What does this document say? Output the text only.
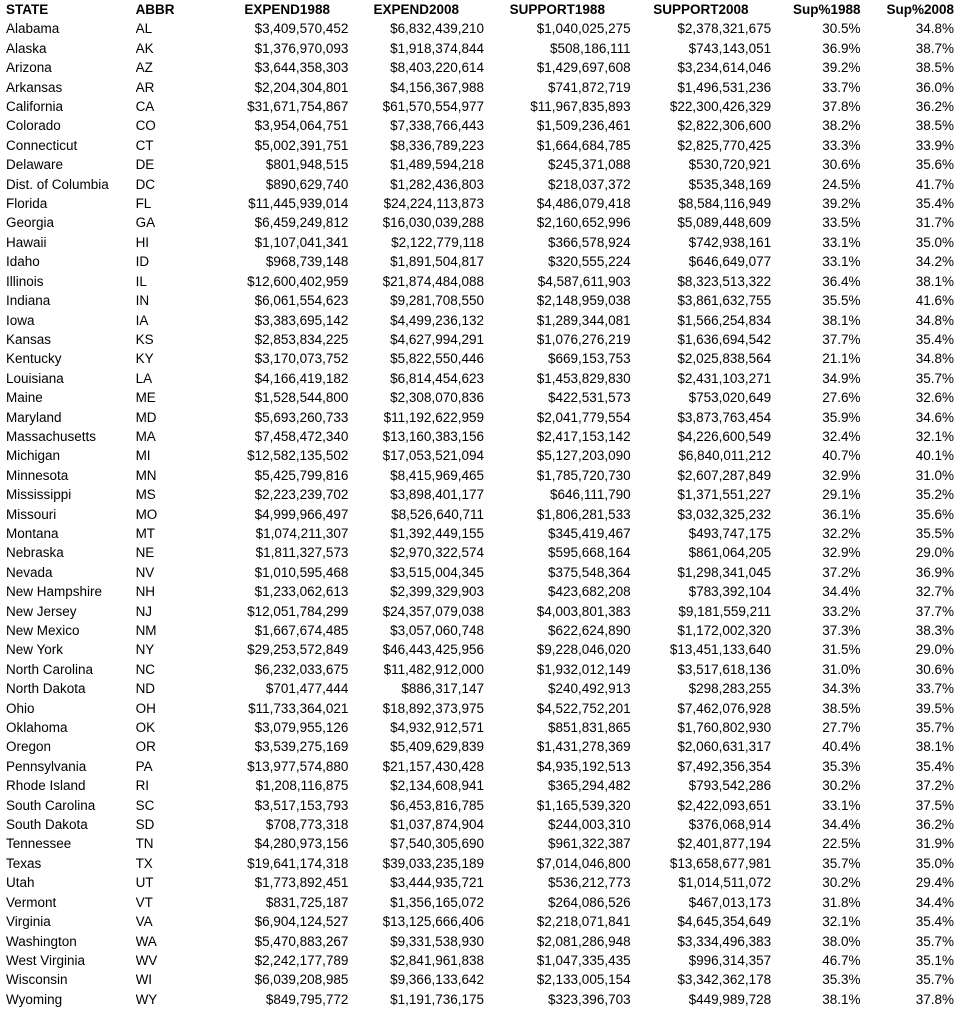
STATE	ABBR	EXPEND1988	EXPEND2008	SUPPORT1988	SUPPORT2008	Sup%1988	Sup%2008
Alabama	AL	$3,409,570,452	$6,832,439,210	$1,040,025,275	$2,378,321,675	30.5%	34.8%
Alaska	AK	$1,376,970,093	$1,918,374,844	$508,186,111	$743,143,051	36.9%	38.7%
Arizona	AZ	$3,644,358,303	$8,403,220,614	$1,429,697,608	$3,234,614,046	39.2%	38.5%
Arkansas	AR	$2,204,304,801	$4,156,367,988	$741,872,719	$1,496,531,236	33.7%	36.0%
California	CA	$31,671,754,867	$61,570,554,977	$11,967,835,893	$22,300,426,329	37.8%	36.2%
Colorado	CO	$3,954,064,751	$7,338,766,443	$1,509,236,461	$2,822,306,600	38.2%	38.5%
Connecticut	CT	$5,002,391,751	$8,336,789,223	$1,664,684,785	$2,825,770,425	33.3%	33.9%
Delaware	DE	$801,948,515	$1,489,594,218	$245,371,088	$530,720,921	30.6%	35.6%
Dist. of Columbia	DC	$890,629,740	$1,282,436,803	$218,037,372	$535,348,169	24.5%	41.7%
Florida	FL	$11,445,939,014	$24,224,113,873	$4,486,079,418	$8,584,116,949	39.2%	35.4%
Georgia	GA	$6,459,249,812	$16,030,039,288	$2,160,652,996	$5,089,448,609	33.5%	31.7%
Hawaii	HI	$1,107,041,341	$2,122,779,118	$366,578,924	$742,938,161	33.1%	35.0%
Idaho	ID	$968,739,148	$1,891,504,817	$320,555,224	$646,649,077	33.1%	34.2%
Illinois	IL	$12,600,402,959	$21,874,484,088	$4,587,611,903	$8,323,513,322	36.4%	38.1%
Indiana	IN	$6,061,554,623	$9,281,708,550	$2,148,959,038	$3,861,632,755	35.5%	41.6%
Iowa	IA	$3,383,695,142	$4,499,236,132	$1,289,344,081	$1,566,254,834	38.1%	34.8%
Kansas	KS	$2,853,834,225	$4,627,994,291	$1,076,276,219	$1,636,694,542	37.7%	35.4%
Kentucky	KY	$3,170,073,752	$5,822,550,446	$669,153,753	$2,025,838,564	21.1%	34.8%
Louisiana	LA	$4,166,419,182	$6,814,454,623	$1,453,829,830	$2,431,103,271	34.9%	35.7%
Maine	ME	$1,528,544,800	$2,308,070,836	$422,531,573	$753,020,649	27.6%	32.6%
Maryland	MD	$5,693,260,733	$11,192,622,959	$2,041,779,554	$3,873,763,454	35.9%	34.6%
Massachusetts	MA	$7,458,472,340	$13,160,383,156	$2,417,153,142	$4,226,600,549	32.4%	32.1%
Michigan	MI	$12,582,135,502	$17,053,521,094	$5,127,203,090	$6,840,011,212	40.7%	40.1%
Minnesota	MN	$5,425,799,816	$8,415,969,465	$1,785,720,730	$2,607,287,849	32.9%	31.0%
Mississippi	MS	$2,223,239,702	$3,898,401,177	$646,111,790	$1,371,551,227	29.1%	35.2%
Missouri	MO	$4,999,966,497	$8,526,640,711	$1,806,281,533	$3,032,325,232	36.1%	35.6%
Montana	MT	$1,074,211,307	$1,392,449,155	$345,419,467	$493,747,175	32.2%	35.5%
Nebraska	NE	$1,811,327,573	$2,970,322,574	$595,668,164	$861,064,205	32.9%	29.0%
Nevada	NV	$1,010,595,468	$3,515,004,345	$375,548,364	$1,298,341,045	37.2%	36.9%
New Hampshire	NH	$1,233,062,613	$2,399,329,903	$423,682,208	$783,392,104	34.4%	32.7%
New Jersey	NJ	$12,051,784,299	$24,357,079,038	$4,003,801,383	$9,181,559,211	33.2%	37.7%
New Mexico	NM	$1,667,674,485	$3,057,060,748	$622,624,890	$1,172,002,320	37.3%	38.3%
New York	NY	$29,253,572,849	$46,443,425,956	$9,228,046,020	$13,451,133,640	31.5%	29.0%
North Carolina	NC	$6,232,033,675	$11,482,912,000	$1,932,012,149	$3,517,618,136	31.0%	30.6%
North Dakota	ND	$701,477,444	$886,317,147	$240,492,913	$298,283,255	34.3%	33.7%
Ohio	OH	$11,733,364,021	$18,892,373,975	$4,522,752,201	$7,462,076,928	38.5%	39.5%
Oklahoma	OK	$3,079,955,126	$4,932,912,571	$851,831,865	$1,760,802,930	27.7%	35.7%
Oregon	OR	$3,539,275,169	$5,409,629,839	$1,431,278,369	$2,060,631,317	40.4%	38.1%
Pennsylvania	PA	$13,977,574,880	$21,157,430,428	$4,935,192,513	$7,492,356,354	35.3%	35.4%
Rhode Island	RI	$1,208,116,875	$2,134,608,941	$365,294,482	$793,542,286	30.2%	37.2%
South Carolina	SC	$3,517,153,793	$6,453,816,785	$1,165,539,320	$2,422,093,651	33.1%	37.5%
South Dakota	SD	$708,773,318	$1,037,874,904	$244,003,310	$376,068,914	34.4%	36.2%
Tennessee	TN	$4,280,973,156	$7,540,305,690	$961,322,387	$2,401,877,194	22.5%	31.9%
Texas	TX	$19,641,174,318	$39,033,235,189	$7,014,046,800	$13,658,677,981	35.7%	35.0%
Utah	UT	$1,773,892,451	$3,444,935,721	$536,212,773	$1,014,511,072	30.2%	29.4%
Vermont	VT	$831,725,187	$1,356,165,072	$264,086,526	$467,013,173	31.8%	34.4%
Virginia	VA	$6,904,124,527	$13,125,666,406	$2,218,071,841	$4,645,354,649	32.1%	35.4%
Washington	WA	$5,470,883,267	$9,331,538,930	$2,081,286,948	$3,334,496,383	38.0%	35.7%
West Virginia	WV	$2,242,177,789	$2,841,961,838	$1,047,335,435	$996,314,357	46.7%	35.1%
Wisconsin	WI	$6,039,208,985	$9,366,133,642	$2,133,005,154	$3,342,362,178	35.3%	35.7%
Wyoming	WY	$849,795,772	$1,191,736,175	$323,396,703	$449,989,728	38.1%	37.8%
